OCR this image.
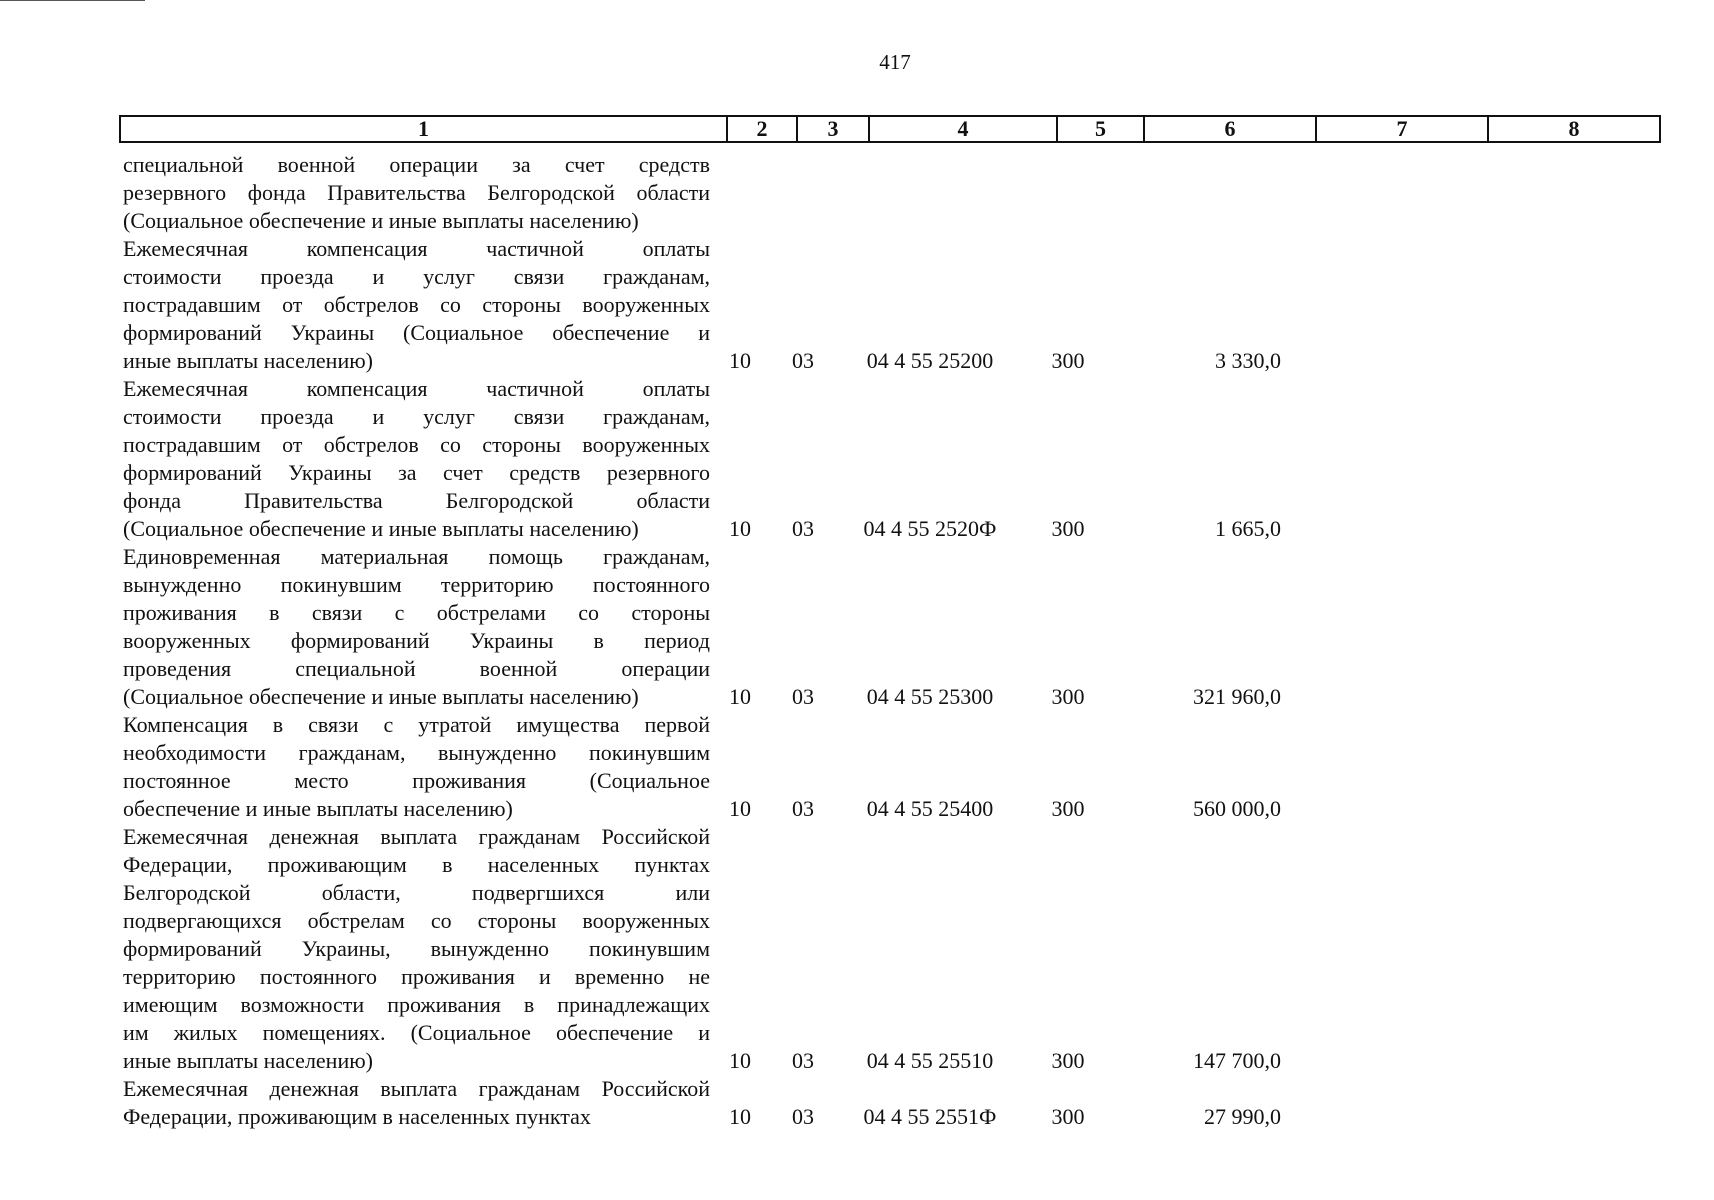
417
1	2	3	4	5	6	7	8
специальной военной операции за счет средств
резервного фонда Правительства Белгородской области
(Социальное обеспечение и иные выплаты населению)
Ежемесячная компенсация частичной оплаты
стоимости проезда и услуг связи гражданам,
пострадавшим от обстрелов со стороны вооруженных
формирований Украины (Социальное обеспечение и
иные выплаты населению)	10	03	04 4 55 25200	300	3 330,0
Ежемесячная компенсация частичной оплаты
стоимости проезда и услуг связи гражданам,
пострадавшим от обстрелов со стороны вооруженных
формирований Украины за счет средств резервного
фонда Правительства Белгородской области
(Социальное обеспечение и иные выплаты населению)	10	03	04 4 55 2520Ф	300	1 665,0
Единовременная материальная помощь гражданам,
вынужденно покинувшим территорию постоянного
проживания в связи с обстрелами со стороны
вооруженных формирований Украины в период
проведения специальной военной операции
(Социальное обеспечение и иные выплаты населению)	10	03	04 4 55 25300	300	321 960,0
Компенсация в связи с утратой имущества первой
необходимости гражданам, вынужденно покинувшим
постоянное место проживания (Социальное
обеспечение и иные выплаты населению)	10	03	04 4 55 25400	300	560 000,0
Ежемесячная денежная выплата гражданам Российской
Федерации, проживающим в населенных пунктах
Белгородской области, подвергшихся или
подвергающихся обстрелам со стороны вооруженных
формирований Украины, вынужденно покинувшим
территорию постоянного проживания и временно не
имеющим возможности проживания в принадлежащих
им жилых помещениях. (Социальное обеспечение и
иные выплаты населению)	10	03	04 4 55 25510	300	147 700,0
Ежемесячная денежная выплата гражданам Российской
Федерации, проживающим в населенных пунктах	10	03	04 4 55 2551Ф	300	27 990,0
